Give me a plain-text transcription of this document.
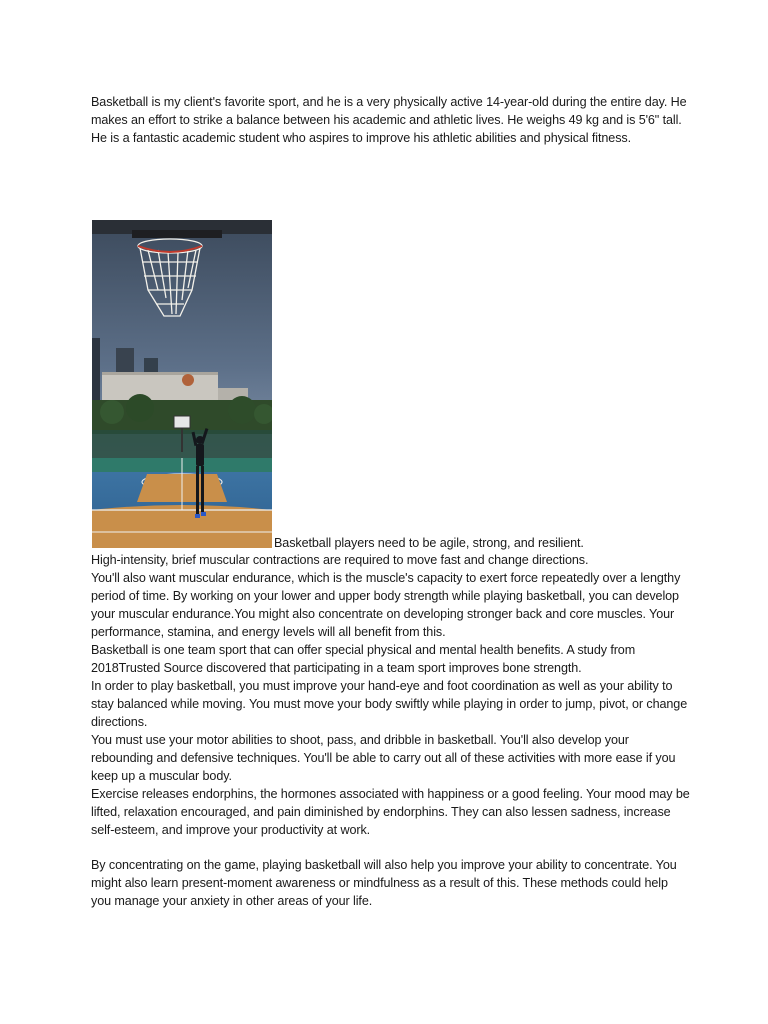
Basketball is my client's favorite sport, and he is a very physically active 14-year-old during the entire day. He makes an effort to strike a balance between his academic and athletic lives. He weighs 49 kg and is 5'6" tall. He is a fantastic academic student who aspires to improve his athletic abilities and physical fitness.
Basketball players need to be agile, strong, and resilient.

High-intensity, brief muscular contractions are required to move fast and change directions.

You'll also want muscular endurance, which is the muscle's capacity to exert force repeatedly over a lengthy period of time. By working on your lower and upper body strength while playing basketball, you can develop your muscular endurance.You might also concentrate on developing stronger back and core muscles. Your performance, stamina, and energy levels will all benefit from this.

Basketball is one team sport that can offer special physical and mental health benefits. A study from 2018Trusted Source discovered that participating in a team sport improves bone strength.

In order to play basketball, you must improve your hand-eye and foot coordination as well as your ability to stay balanced while moving. You must move your body swiftly while playing in order to jump, pivot, or change directions.

You must use your motor abilities to shoot, pass, and dribble in basketball. You'll also develop your rebounding and defensive techniques. You'll be able to carry out all of these activities with more ease if you keep up a muscular body.

Exercise releases endorphins, the hormones associated with happiness or a good feeling. Your mood may be lifted, relaxation encouraged, and pain diminished by endorphins. They can also lessen sadness, increase self-esteem, and improve your productivity at work.

By concentrating on the game, playing basketball will also help you improve your ability to concentrate. You might also learn present-moment awareness or mindfulness as a result of this. These methods could help you manage your anxiety in other areas of your life.
